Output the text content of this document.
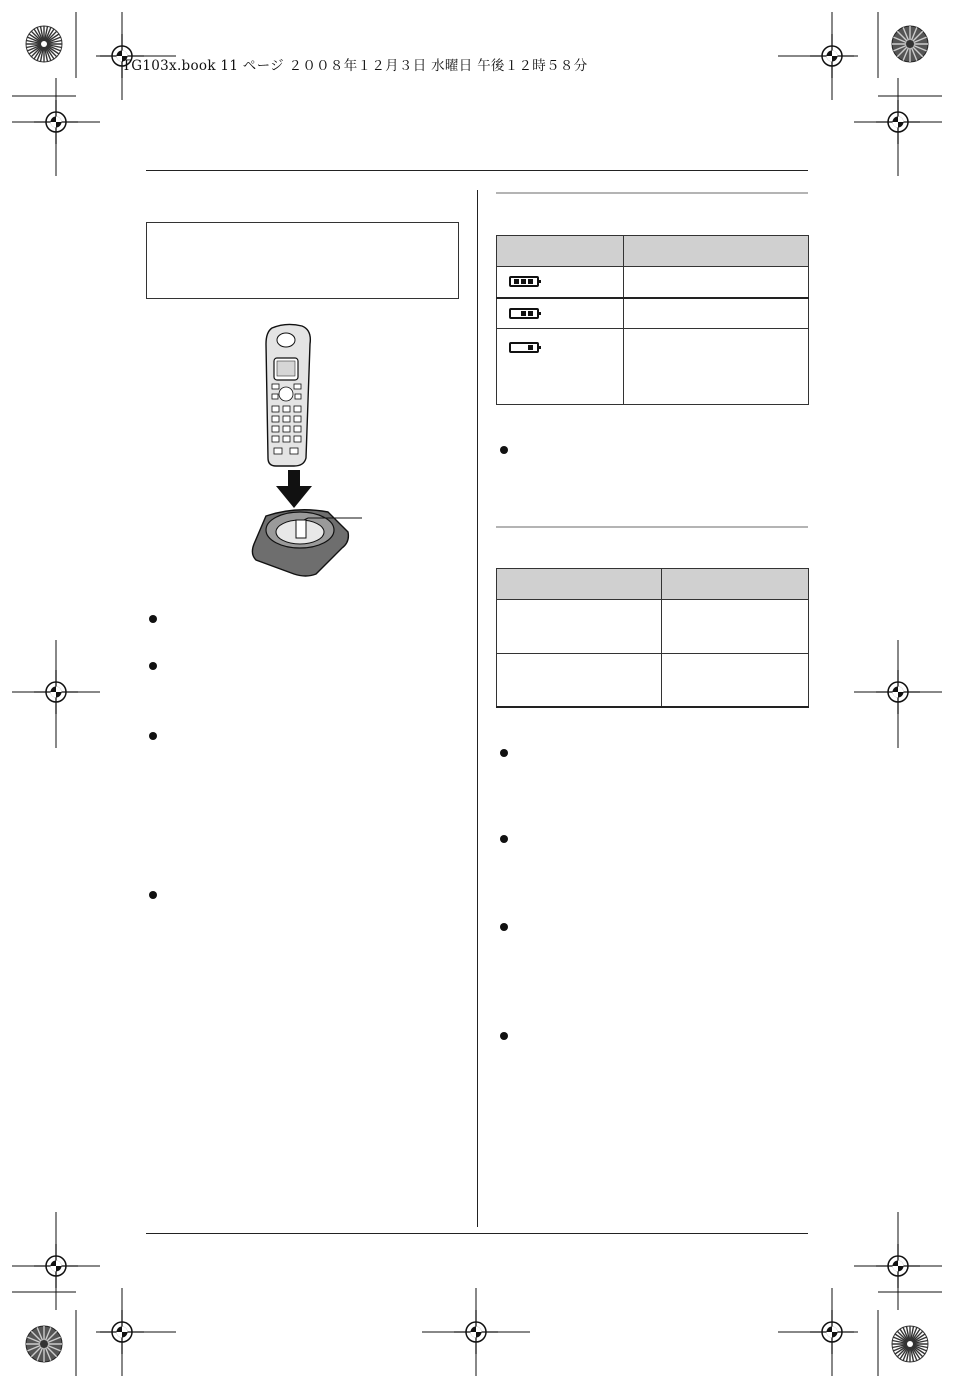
TG103x.book 11 ページ ２００８年１２月３日 水曜日 午後１２時５８分
